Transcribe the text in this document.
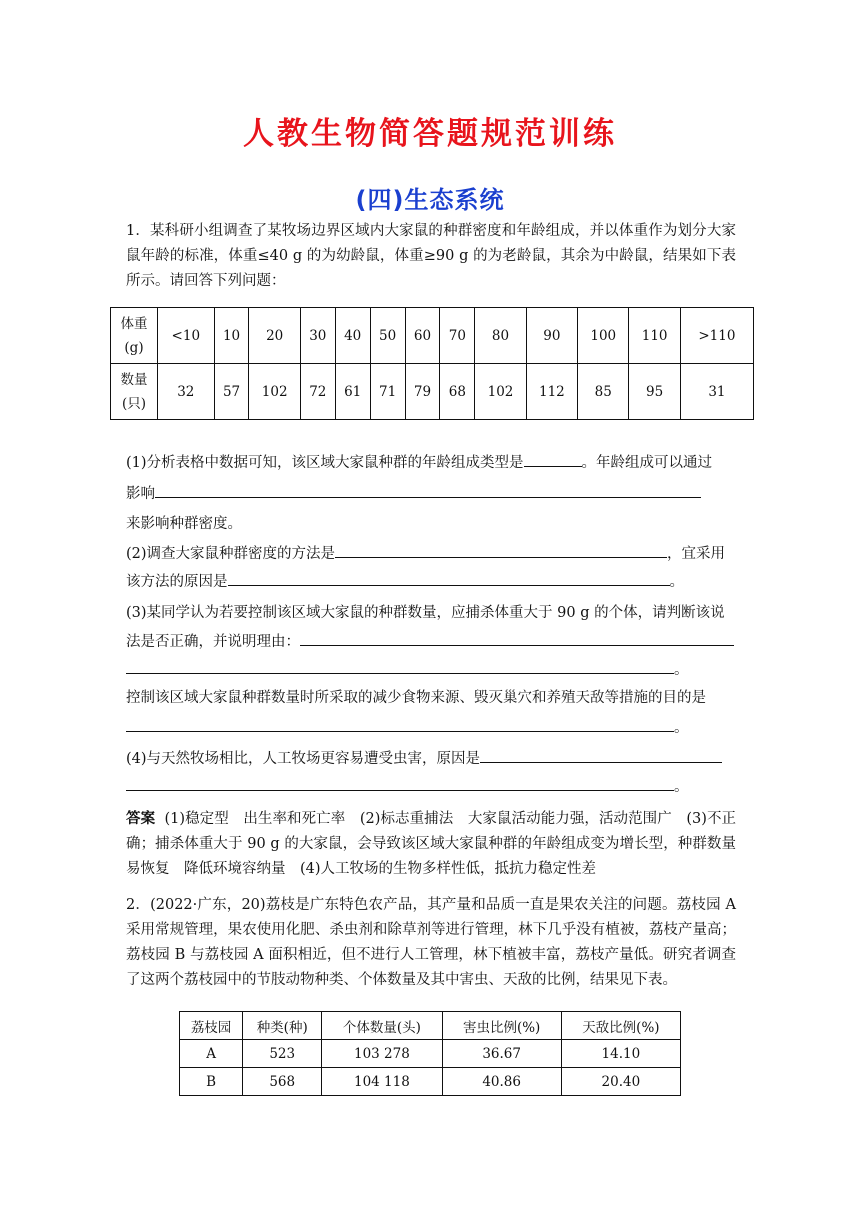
人教生物简答题规范训练
(四)生态系统
1．某科研小组调查了某牧场边界区域内大家鼠的种群密度和年龄组成，并以体重作为划分大家鼠年龄的标准，体重≤40 g 的为幼龄鼠，体重≥90 g 的为老龄鼠，其余为中龄鼠，结果如下表所示。请回答下列问题：
体重
(g)	<10	10	20	30	40	50	60	70	80	90	100	110	>110

数量
(只)	32	57	102	72	61	71	79	68	102	112	85	95	31
(1)分析表格中数据可知，该区域大家鼠种群的年龄组成类型是	。年龄组成可以通过
影响
来影响种群密度。
(2)调查大家鼠种群密度的方法是	，宜采用
该方法的原因是	。
(3)某同学认为若要控制该区域大家鼠的种群数量，应捕杀体重大于 90 g 的个体，请判断该说
法是否正确，并说明理由：
。
控制该区域大家鼠种群数量时所采取的减少食物来源、毁灭巢穴和养殖天敌等措施的目的是
。
(4)与天然牧场相比，人工牧场更容易遭受虫害，原因是
。
答案 (1)稳定型　出生率和死亡率　(2)标志重捕法　大家鼠活动能力强，活动范围广　(3)不正确；捕杀体重大于 90 g 的大家鼠，会导致该区域大家鼠种群的年龄组成变为增长型，种群数量易恢复　降低环境容纳量　(4)人工牧场的生物多样性低，抵抗力稳定性差
2．(2022·广东，20)荔枝是广东特色农产品，其产量和品质一直是果农关注的问题。荔枝园 A 采用常规管理，果农使用化肥、杀虫剂和除草剂等进行管理，林下几乎没有植被，荔枝产量高；荔枝园 B 与荔枝园 A 面积相近，但不进行人工管理，林下植被丰富，荔枝产量低。研究者调查了这两个荔枝园中的节肢动物种类、个体数量及其中害虫、天敌的比例，结果见下表。
荔枝园	种类(种)	个体数量(头)	害虫比例(%)	天敌比例(%)
A	523	103 278	36.67	14.10
B	568	104 118	40.86	20.40
